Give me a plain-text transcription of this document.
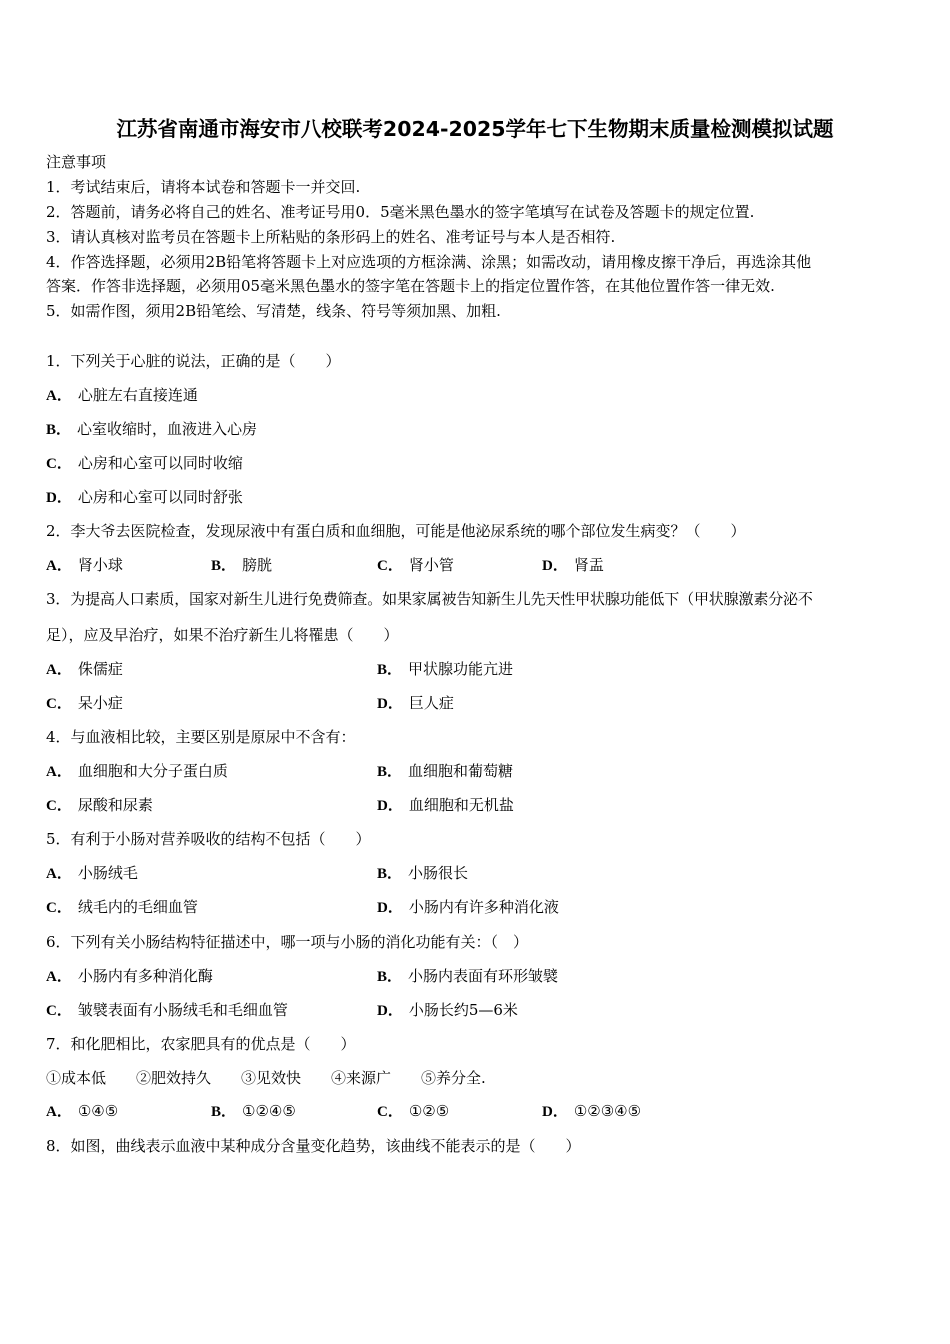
江苏省南通市海安市八校联考2024-2025学年七下生物期末质量检测模拟试题
注意事项
1．考试结束后，请将本试卷和答题卡一并交回.
2．答题前，请务必将自己的姓名、准考证号用0．5毫米黑色墨水的签字笔填写在试卷及答题卡的规定位置.
3．请认真核对监考员在答题卡上所粘贴的条形码上的姓名、准考证号与本人是否相符.
4．作答选择题，必须用2B铅笔将答题卡上对应选项的方框涂满、涂黑；如需改动，请用橡皮擦干净后，再选涂其他
答案．作答非选择题，必须用05毫米黑色墨水的签字笔在答题卡上的指定位置作答，在其他位置作答一律无效.
5．如需作图，须用2B铅笔绘、写清楚，线条、符号等须加黑、加粗.
1．下列关于心脏的说法，正确的是（　　）
A． 心脏左右直接连通
B． 心室收缩时，血液进入心房
C． 心房和心室可以同时收缩
D． 心房和心室可以同时舒张
2．李大爷去医院检查，发现尿液中有蛋白质和血细胞，可能是他泌尿系统的哪个部位发生病变？（　　）
A． 肾小球	B． 膀胱	C． 肾小管	D． 肾盂
3．为提高人口素质，国家对新生儿进行免费筛查。如果家属被告知新生儿先天性甲状腺功能低下（甲状腺激素分泌不
足），应及早治疗，如果不治疗新生儿将罹患（　　）
A． 侏儒症	B． 甲状腺功能亢进
C． 呆小症	D． 巨人症
4．与血液相比较，主要区别是原尿中不含有：
A． 血细胞和大分子蛋白质	B． 血细胞和葡萄糖
C． 尿酸和尿素	D． 血细胞和无机盐
5．有利于小肠对营养吸收的结构不包括（　　）
A． 小肠绒毛	B． 小肠很长
C． 绒毛内的毛细血管	D． 小肠内有许多种消化液
6．下列有关小肠结构特征描述中，哪一项与小肠的消化功能有关：（　）
A． 小肠内有多种消化酶	B． 小肠内表面有环形皱襞
C． 皱襞表面有小肠绒毛和毛细血管	D． 小肠长约5—6米
7．和化肥相比，农家肥具有的优点是（　　）
①成本低　　②肥效持久　　③见效快　　④来源广　　⑤养分全.
A． ①④⑤	B． ①②④⑤	C． ①②⑤	D． ①②③④⑤
8．如图，曲线表示血液中某种成分含量变化趋势，该曲线不能表示的是（　　）
